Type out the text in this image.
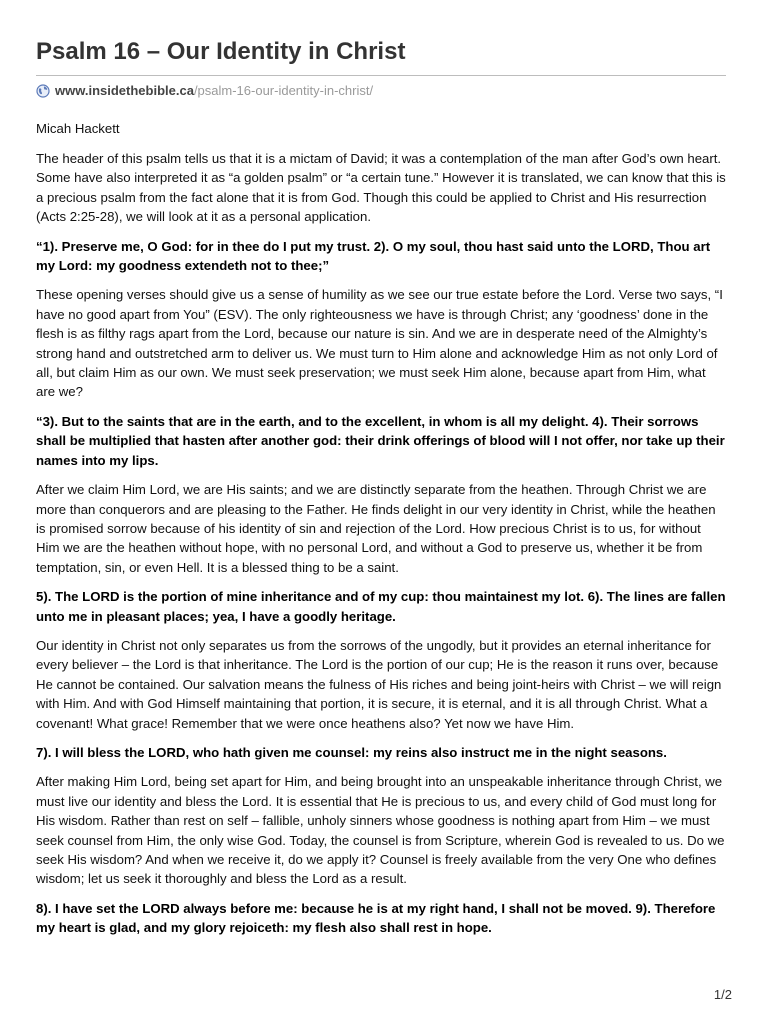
Psalm 16 – Our Identity in Christ
www.insidethebible.ca /psalm-16-our-identity-in-christ/
Micah Hackett

The header of this psalm tells us that it is a mictam of David; it was a contemplation of the man after God’s own heart. Some have also interpreted it as “a golden psalm” or “a certain tune.” However it is translated, we can know that this is a precious psalm from the fact alone that it is from God. Though this could be applied to Christ and His resurrection (Acts 2:25-28), we will look at it as a personal application.

“1). Preserve me, O God: for in thee do I put my trust. 2). O my soul, thou hast said unto the LORD, Thou art my Lord: my goodness extendeth not to thee;”

These opening verses should give us a sense of humility as we see our true estate before the Lord. Verse two says, “I have no good apart from You” (ESV). The only righteousness we have is through Christ; any ‘goodness’ done in the flesh is as filthy rags apart from the Lord, because our nature is sin. And we are in desperate need of the Almighty’s strong hand and outstretched arm to deliver us. We must turn to Him alone and acknowledge Him as not only Lord of all, but claim Him as our own. We must seek preservation; we must seek Him alone, because apart from Him, what are we?

“3). But to the saints that are in the earth, and to the excellent, in whom is all my delight. 4). Their sorrows shall be multiplied that hasten after another god: their drink offerings of blood will I not offer, nor take up their names into my lips.

After we claim Him Lord, we are His saints; and we are distinctly separate from the heathen. Through Christ we are more than conquerors and are pleasing to the Father. He finds delight in our very identity in Christ, while the heathen is promised sorrow because of his identity of sin and rejection of the Lord. How precious Christ is to us, for without Him we are the heathen without hope, with no personal Lord, and without a God to preserve us, whether it be from temptation, sin, or even Hell. It is a blessed thing to be a saint.

5). The LORD is the portion of mine inheritance and of my cup: thou maintainest my lot. 6). The lines are fallen unto me in pleasant places; yea, I have a goodly heritage.

Our identity in Christ not only separates us from the sorrows of the ungodly, but it provides an eternal inheritance for every believer – the Lord is that inheritance. The Lord is the portion of our cup; He is the reason it runs over, because He cannot be contained. Our salvation means the fulness of His riches and being joint-heirs with Christ – we will reign with Him. And with God Himself maintaining that portion, it is secure, it is eternal, and it is all through Christ. What a covenant! What grace! Remember that we were once heathens also? Yet now we have Him.

7). I will bless the LORD, who hath given me counsel: my reins also instruct me in the night seasons.

After making Him Lord, being set apart for Him, and being brought into an unspeakable inheritance through Christ, we must live our identity and bless the Lord. It is essential that He is precious to us, and every child of God must long for His wisdom. Rather than rest on self – fallible, unholy sinners whose goodness is nothing apart from Him – we must seek counsel from Him, the only wise God. Today, the counsel is from Scripture, wherein God is revealed to us. Do we seek His wisdom? And when we receive it, do we apply it? Counsel is freely available from the very One who defines wisdom; let us seek it thoroughly and bless the Lord as a result.

8). I have set the LORD always before me: because he is at my right hand, I shall not be moved. 9). Therefore my heart is glad, and my glory rejoiceth: my flesh also shall rest in hope.

1/2
